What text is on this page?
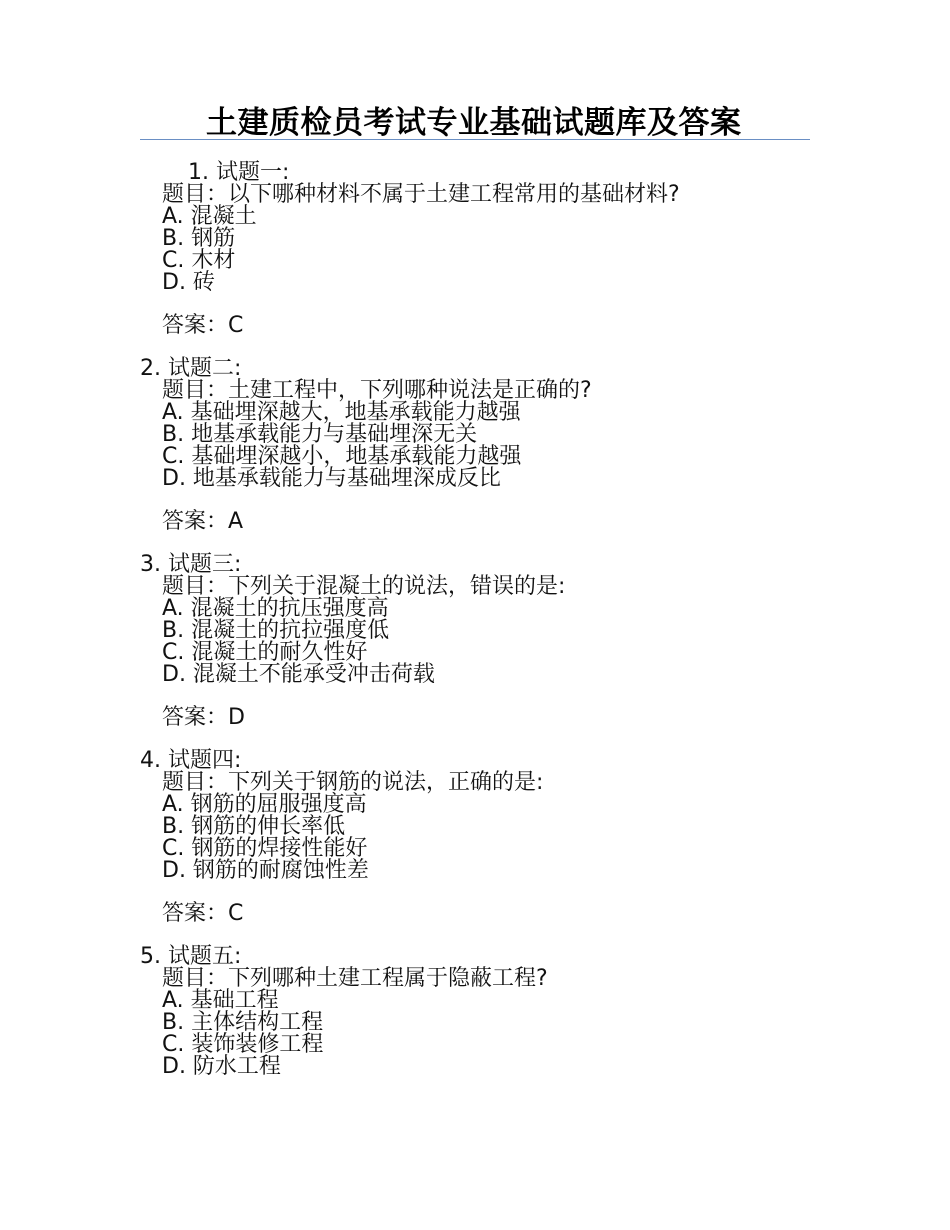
土建质检员考试专业基础试题库及答案
1. 试题一:
题目：以下哪种材料不属于土建工程常用的基础材料?
A. 混凝土
B. 钢筋
C. 木材
D. 砖
答案：C
2. 试题二:
题目：土建工程中，下列哪种说法是正确的?
A. 基础埋深越大，地基承载能力越强
B. 地基承载能力与基础埋深无关
C. 基础埋深越小，地基承载能力越强
D. 地基承载能力与基础埋深成反比
答案：A
3. 试题三:
题目：下列关于混凝土的说法，错误的是:
A. 混凝土的抗压强度高
B. 混凝土的抗拉强度低
C. 混凝土的耐久性好
D. 混凝土不能承受冲击荷载
答案：D
4. 试题四:
题目：下列关于钢筋的说法，正确的是:
A. 钢筋的屈服强度高
B. 钢筋的伸长率低
C. 钢筋的焊接性能好
D. 钢筋的耐腐蚀性差
答案：C
5. 试题五:
题目：下列哪种土建工程属于隐蔽工程?
A. 基础工程
B. 主体结构工程
C. 装饰装修工程
D. 防水工程
